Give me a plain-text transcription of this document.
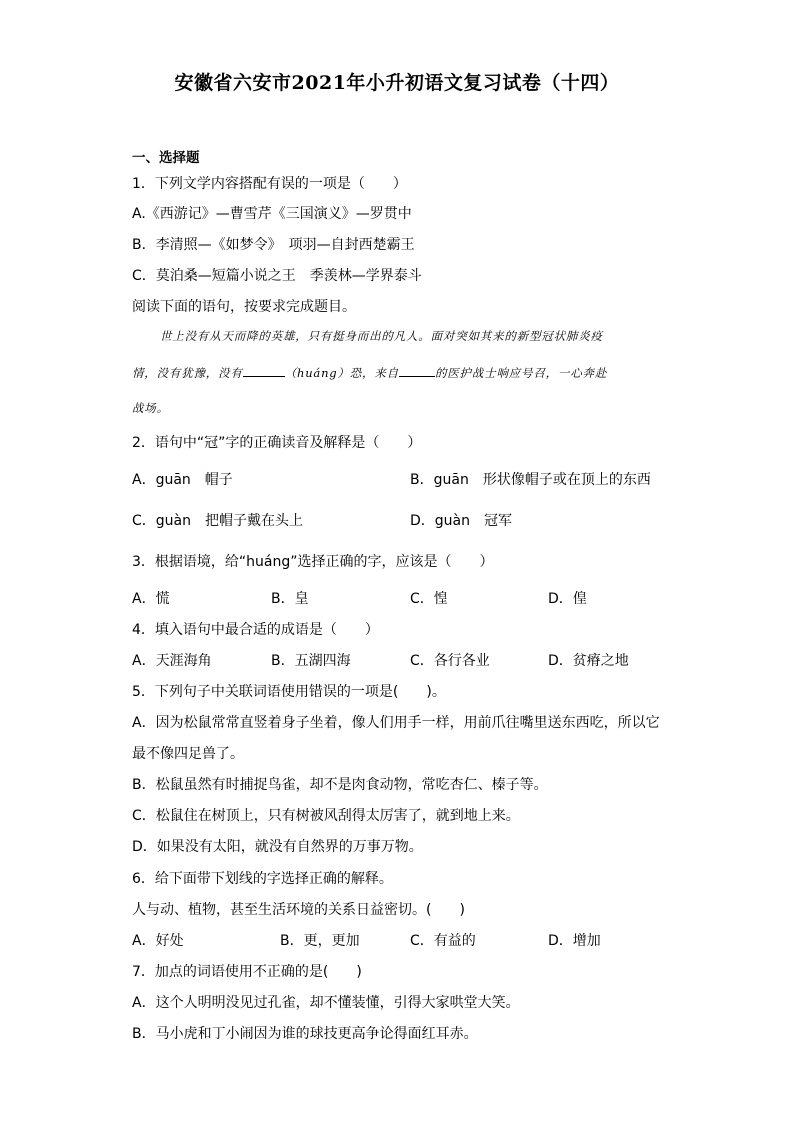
安徽省六安市2021年小升初语文复习试卷（十四）
一、选择题
1．下列文学内容搭配有误的一项是（　　）
A.《西游记》—曹雪芹《三国演义》—罗贯中
B．李清照—《如梦令》　项羽—自封西楚霸王
C．莫泊桑—短篇小说之王　季羡林—学界泰斗
阅读下面的语句，按要求完成题目。
世上没有从天而降的英雄，只有挺身而出的凡人。面对突如其来的新型冠状肺炎疫
情，没有犹豫，没有	（huáng）恐，来自	的医护战士响应号召，一心奔赴
战场。
2．语句中“冠”字的正确读音及解释是（　　）
A．guān　帽子	B．guān　形状像帽子或在顶上的东西
C．guàn　把帽子戴在头上	D．guàn　冠军
3．根据语境，给“huáng”选择正确的字，应该是（　　）
A．慌	B．皇	C．惶	D．偟
4．填入语句中最合适的成语是（　　）
A．天涯海角	B．五湖四海	C．各行各业	D．贫瘠之地
5．下列句子中关联词语使用错误的一项是(　　)。
A．因为松鼠常常直竖着身子坐着，像人们用手一样，用前爪往嘴里送东西吃，所以它
最不像四足兽了。
B．松鼠虽然有时捕捉鸟雀，却不是肉食动物，常吃杏仁、榛子等。
C．松鼠住在树顶上，只有树被风刮得太厉害了，就到地上来。
D．如果没有太阳，就没有自然界的万事万物。
6．给下面带下划线的字选择正确的解释。
人与动、植物，甚至生活环境的关系日益密切。(　　)
A．好处	B．更，更加	C．有益的	D．增加
7．加点的词语使用不正确的是(　　)
A．这个人明明没见过孔雀，却不懂装懂，引得大家哄堂大笑。
B．马小虎和丁小闹因为谁的球技更高争论得面红耳赤。
